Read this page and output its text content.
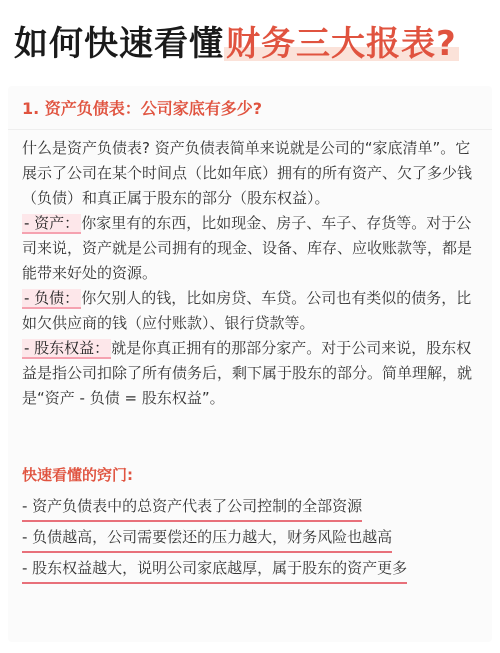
如何快速看懂财务三大报表?
1. 资产负债表：公司家底有多少?

什么是资产负债表? 资产负债表简单来说就是公司的“家底清单”。它展示了公司在某个时间点（比如年底）拥有的所有资产、欠了多少钱（负债）和真正属于股东的部分（股东权益）。

- 资产： 你家里有的东西，比如现金、房子、车子、存货等。对于公司来说，资产就是公司拥有的现金、设备、库存、应收账款等，都是能带来好处的资源。

- 负债： 你欠别人的钱，比如房贷、车贷。公司也有类似的债务，比如欠供应商的钱（应付账款）、银行贷款等。

- 股东权益： 就是你真正拥有的那部分家产。对于公司来说，股东权益是指公司扣除了所有债务后，剩下属于股东的部分。简单理解，就是“资产 - 负债 = 股东权益”。

快速看懂的窍门:
- 资产负债表中的总资产代表了公司控制的全部资源
- 负债越高，公司需要偿还的压力越大，财务风险也越高
- 股东权益越大，说明公司家底越厚，属于股东的资产更多
